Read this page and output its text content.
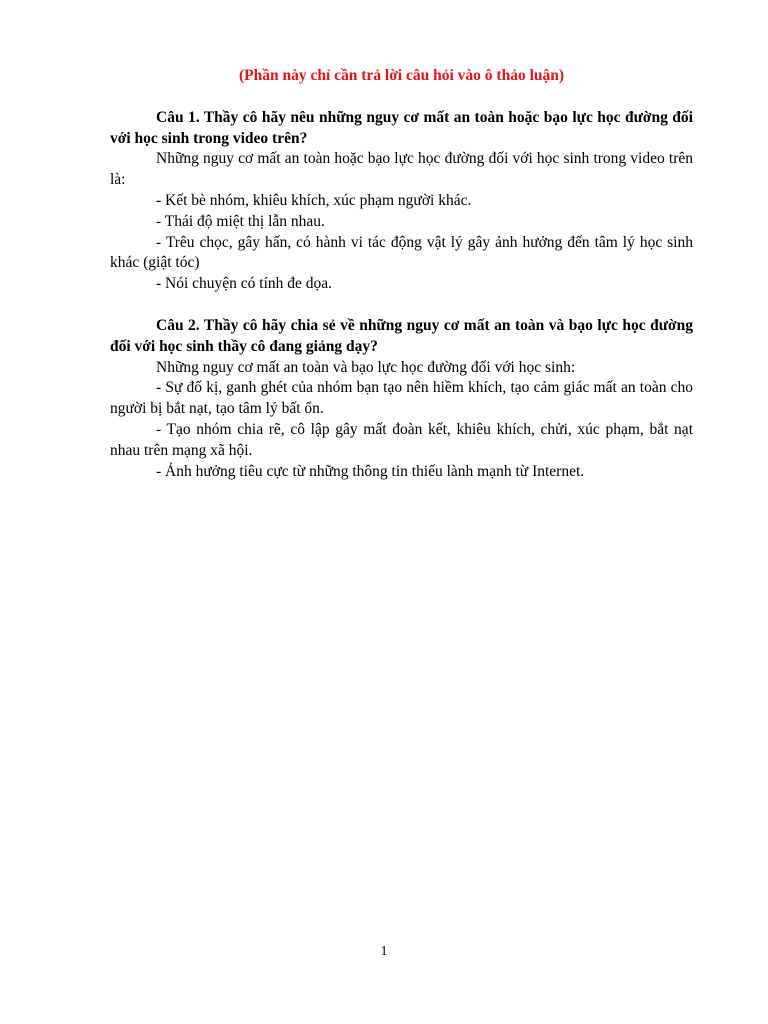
(Phần này chỉ cần trả lời câu hỏi vào ô thảo luận)

Câu 1. Thầy cô hãy nêu những nguy cơ mất an toàn hoặc bạo lực học đường đối với học sinh trong video trên?

Những nguy cơ mất an toàn hoặc bạo lực học đường đối với học sinh trong video trên là:

- Kết bè nhóm, khiêu khích, xúc phạm người khác.

- Thái độ miệt thị lẫn nhau.

- Trêu chọc, gây hấn, có hành vi tác động vật lý gây ảnh hưởng đến tâm lý học sinh khác (giật tóc)

- Nói chuyện có tính đe dọa.

Câu 2. Thầy cô hãy chia sẻ về những nguy cơ mất an toàn và bạo lực học đường đối với học sinh thầy cô đang giảng dạy?

Những nguy cơ mất an toàn và bạo lực học đường đối với học sinh:

- Sự đố kị, ganh ghét của nhóm bạn tạo nên hiềm khích, tạo cảm giác mất an toàn cho người bị bắt nạt, tạo tâm lý bất ổn.

- Tạo nhóm chia rẽ, cô lập gây mất đoàn kết, khiêu khích, chửi, xúc phạm, bắt nạt nhau trên mạng xã hội.

- Ảnh hưởng tiêu cực từ những thông tin thiếu lành mạnh từ Internet.

1
